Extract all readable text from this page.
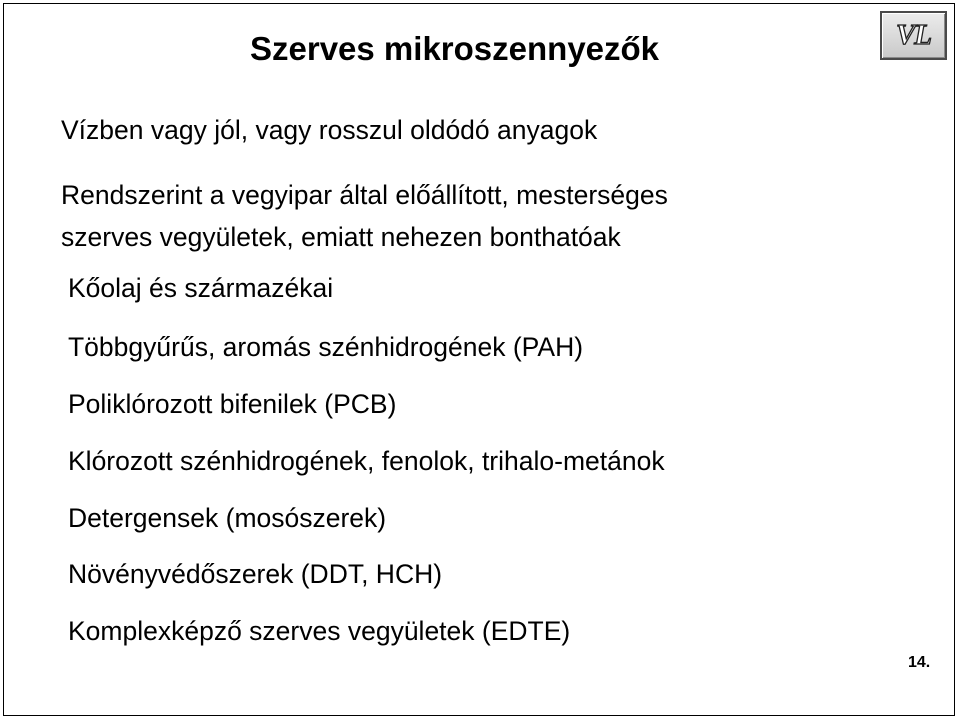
Szerves mikroszennyezők	VL
Vízben vagy jól, vagy rosszul oldódó anyagok
Rendszerint a vegyipar által előállított, mesterséges
szerves vegyületek, emiatt nehezen bonthatóak
Kőolaj és származékai
Többgyűrűs, aromás szénhidrogének (PAH)
Poliklórozott bifenilek (PCB)
Klórozott szénhidrogének, fenolok, trihalo-metánok
Detergensek (mosószerek)
Növényvédőszerek (DDT, HCH)
Komplexképző szerves vegyületek (EDTE)
14.
